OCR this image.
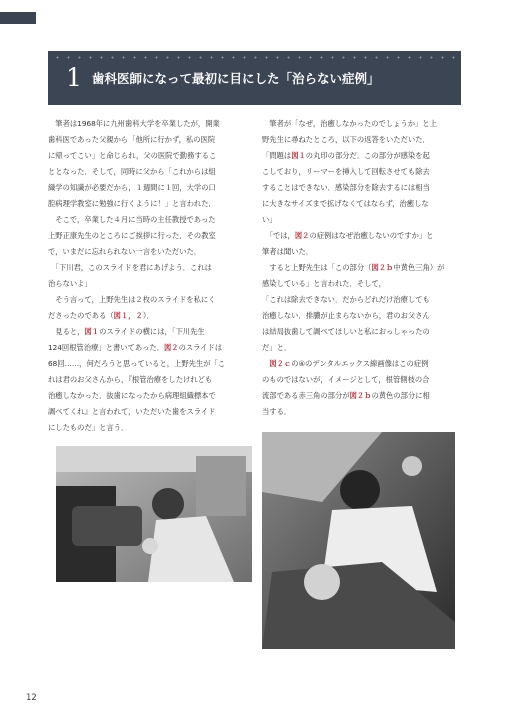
1 歯科医師になって最初に目にした「治らない症例」

　筆者は1968年に九州歯科大学を卒業したが，開業

歯科医であった父親から「他所に行かず，私の医院

に帰ってこい」と命じられ，父の医院で勤務するこ

ととなった．そして，同時に父から「これからは組

織学の知識が必要だから，１週間に１回，大学の口

腔病理学教室に勉強に行くように！」と言われた．

　そこで，卒業した４月に当時の主任教授であった

上野正康先生のところにご挨拶に行った．その教室

で，いまだに忘れられない一言をいただいた．

　「下川君，このスライドを君にあげよう．これは

治らないよ」

　そう言って，上野先生は２枚のスライドを私にく

ださったのである（図１，２）．

　見ると，図１のスライドの横には，「下川先生

124回根管治療」と書いてあった．図２のスライドは

68回……，何だろうと思っていると，上野先生が「こ

れは君のお父さんから，『根管治療をしたけれども

治癒しなかった．抜歯になったから病理組織標本で

調べてくれ』と言われて，いただいた歯をスライド

にしたものだ」と言う．

　筆者が「なぜ，治癒しなかったのでしょうか」と上

野先生に尋ねたところ，以下の返答をいただいた．

「問題は図１の丸印の部分だ．この部分が感染を起

こしており，リーマーを挿入して回転させても除去

することはできない．感染部分を除去するには相当

に大きなサイズまで拡げなくてはならず，治癒しな

い」

　「では，図２の症例はなぜ治癒しないのですか」と

筆者は聞いた．

　すると上野先生は「この部分（図２ｂ中黄色三角）が

感染している」と言われた．そして，

「これは除去できない．だからどれだけ治療しても

治癒しない．排膿が止まらないから，君のお父さん

は結局抜歯して調べてほしいと私におっしゃったの

だ」と．

　図２ｃの④のデンタルエックス線画像はこの症例

のものではないが，イメージとして，根管側枝の合

流部である赤三角の部分が図２ｂの黄色の部分に相

当する．

12
